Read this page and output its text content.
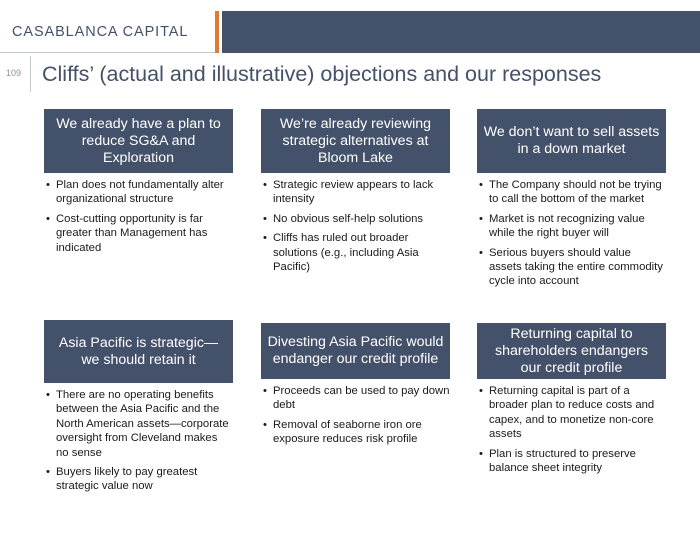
CASABLANCA CAPITAL
109 Cliffs’ (actual and illustrative) objections and our responses
We already have a plan to reduce SG&A and Exploration
• Plan does not fundamentally alter organizational structure
• Cost-cutting opportunity is far greater than Management has indicated
We’re already reviewing strategic alternatives at Bloom Lake
• Strategic review appears to lack intensity
• No obvious self-help solutions
• Cliffs has ruled out broader solutions (e.g., including Asia Pacific)
We don’t want to sell assets in a down market
• The Company should not be trying to call the bottom of the market
• Market is not recognizing value while the right buyer will
• Serious buyers should value assets taking the entire commodity cycle into account
Asia Pacific is strategic— we should retain it
• There are no operating benefits between the Asia Pacific and the North American assets—corporate oversight from Cleveland makes no sense
• Buyers likely to pay greatest strategic value now
Divesting Asia Pacific would endanger our credit profile
• Proceeds can be used to pay down debt
• Removal of seaborne iron ore exposure reduces risk profile
Returning capital to shareholders endangers our credit profile
• Returning capital is part of a broader plan to reduce costs and capex, and to monetize non-core assets
• Plan is structured to preserve balance sheet integrity
